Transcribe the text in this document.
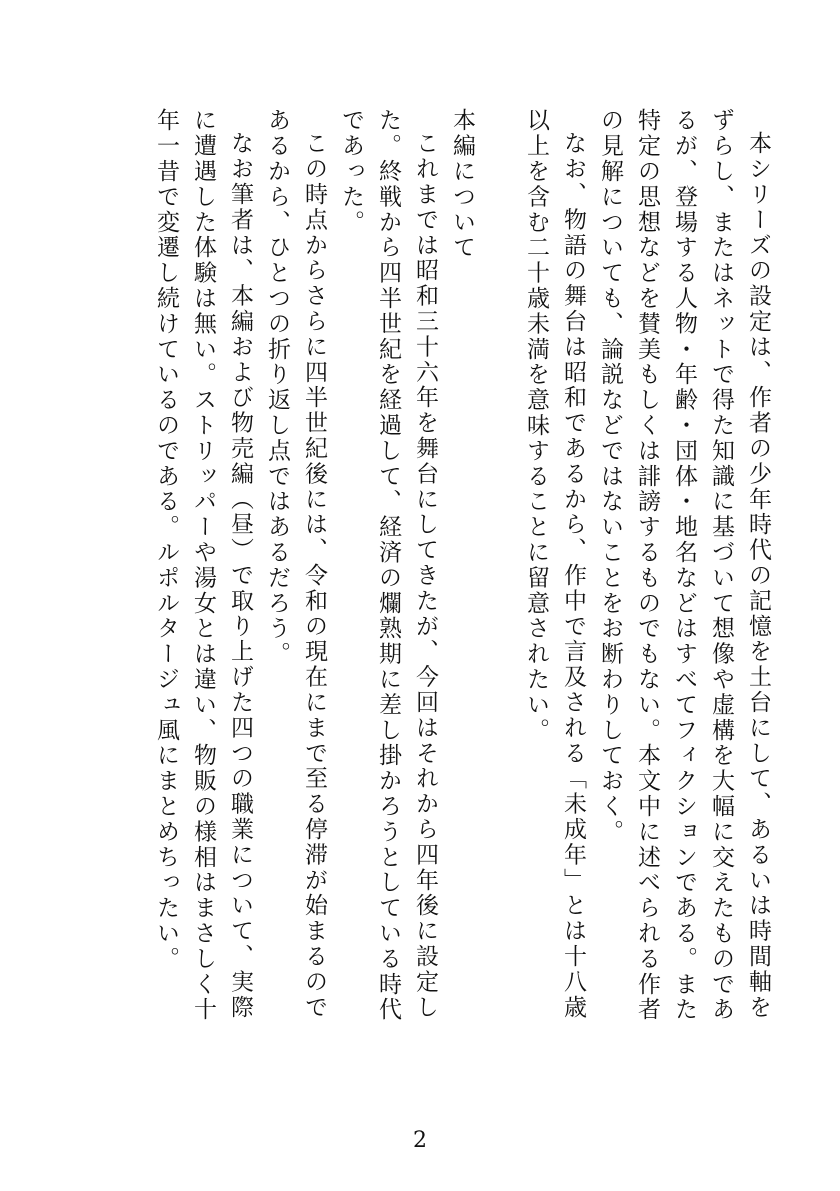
本シリーズの設定は、作者の少年時代の記憶を土台にして、あるいは時間軸をずらし、またはネットで得た知識に基づいて想像や虚構を大幅に交えたものであるが、登場する人物・年齢・団体・地名などはすべてフィクションである。また特定の思想などを賛美もしくは誹謗するものでもない。本文中に述べられる作者の見解についても、論説などではないことをお断わりしておく。

なお、物語の舞台は昭和であるから、作中で言及される「未成年」とは十八歳以上を含む二十歳未満を意味することに留意されたい。

本編について

これまでは昭和三十六年を舞台にしてきたが、今回はそれから四年後に設定した。終戦から四半世紀を経過して、経済の爛熟期に差し掛かろうとしている時代であった。

この時点からさらに四半世紀後には、令和の現在にまで至る停滞が始まるのであるから、ひとつの折り返し点ではあるだろう。

なお筆者は、本編および物売編（昼）で取り上げた四つの職業について、実際に遭遇した体験は無い。ストリッパーや湯女とは違い、物販の様相はまさしく十年一昔で変遷し続けているのである。ルポルタージュ風にまとめちったい。

2
